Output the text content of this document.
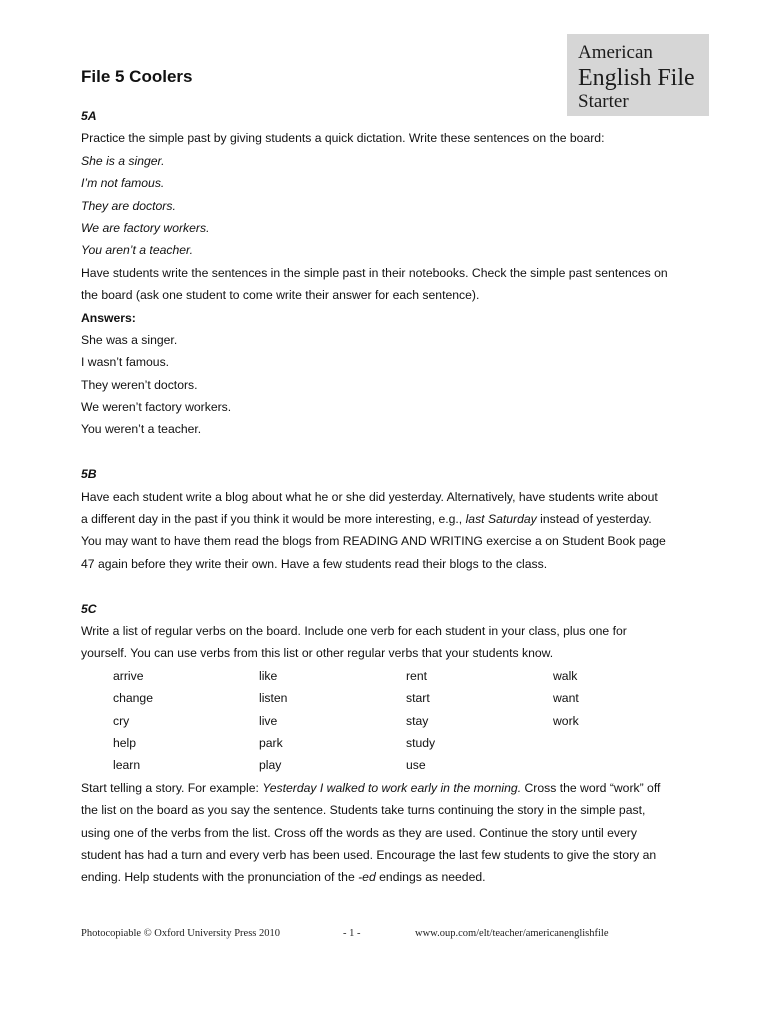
American
English File
Starter
File 5 Coolers
5A
Practice the simple past by giving students a quick dictation. Write these sentences on the board:
She is a singer.
I’m not famous.
They are doctors.
We are factory workers.
You aren’t a teacher.
Have students write the sentences in the simple past in their notebooks. Check the simple past sentences on
the board (ask one student to come write their answer for each sentence).
Answers:
She was a singer.
I wasn’t famous.
They weren’t doctors.
We weren’t factory workers.
You weren’t a teacher.
5B
Have each student write a blog about what he or she did yesterday. Alternatively, have students write about
a different day in the past if you think it would be more interesting, e.g., last Saturday instead of yesterday.
You may want to have them read the blogs from READING AND WRITING exercise a on Student Book page
47 again before they write their own. Have a few students read their blogs to the class.
5C
Write a list of regular verbs on the board. Include one verb for each student in your class, plus one for
yourself. You can use verbs from this list or other regular verbs that your students know.
arrive	like	rent	walk
change	listen	start	want
cry	live	stay	work
help	park	study
learn	play	use
Start telling a story. For example: Yesterday I walked to work early in the morning. Cross the word “work” off
the list on the board as you say the sentence. Students take turns continuing the story in the simple past,
using one of the verbs from the list. Cross off the words as they are used. Continue the story until every
student has had a turn and every verb has been used. Encourage the last few students to give the story an
ending. Help students with the pronunciation of the -ed endings as needed.
Photocopiable © Oxford University Press 2010	- 1 -	www.oup.com/elt/teacher/americanenglishfile
